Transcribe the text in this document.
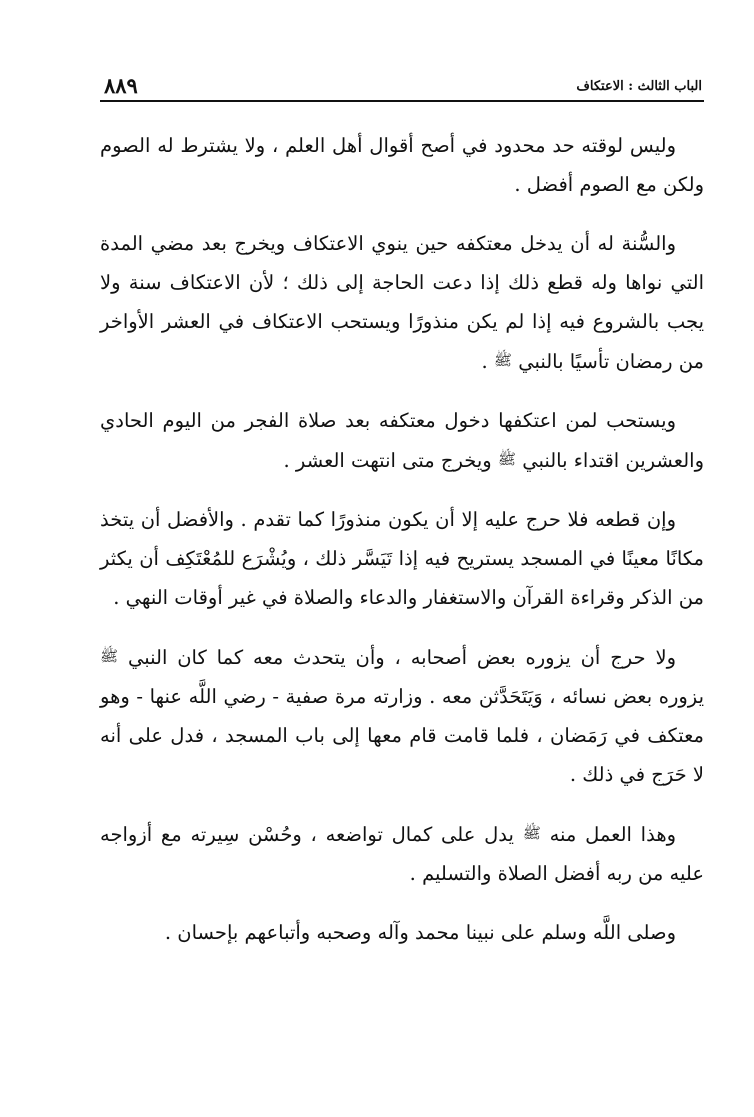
٨٨٩	الباب الثالث : الاعتكاف

وليس لوقته حد محدود في أصح أقوال أهل العلم ، ولا يشترط له الصوم ولكن مع الصوم أفضل .

والسُّنة له أن يدخل معتكفه حين ينوي الاعتكاف ويخرج بعد مضي المدة التي نواها وله قطع ذلك إذا دعت الحاجة إلى ذلك ؛ لأن الاعتكاف سنة ولا يجب بالشروع فيه إذا لم يكن منذورًا ويستحب الاعتكاف في العشر الأواخر من رمضان تأسيًا بالنبي ﷺ .

ويستحب لمن اعتكفها دخول معتكفه بعد صلاة الفجر من اليوم الحادي والعشرين اقتداء بالنبي ﷺ ويخرج متى انتهت العشر .

وإن قطعه فلا حرج عليه إلا أن يكون منذورًا كما تقدم . والأفضل أن يتخذ مكانًا معينًا في المسجد يستريح فيه إذا تَيَسَّر ذلك ، ويُشْرَع للمُعْتَكِف أن يكثر من الذكر وقراءة القرآن والاستغفار والدعاء والصلاة في غير أوقات النهي .

ولا حرج أن يزوره بعض أصحابه ، وأن يتحدث معه كما كان النبي ﷺ يزوره بعض نسائه ، وَيَتَحَدَّثن معه . وزارته مرة صفية - رضي اللَّه عنها - وهو معتكف في رَمَضان ، فلما قامت قام معها إلى باب المسجد ، فدل على أنه لا حَرَج في ذلك .

وهذا العمل منه ﷺ يدل على كمال تواضعه ، وحُسْن سِيرته مع أزواجه عليه من ربه أفضل الصلاة والتسليم .

وصلى اللَّه وسلم على نبينا محمد وآله وصحبه وأتباعهم بإحسان .
